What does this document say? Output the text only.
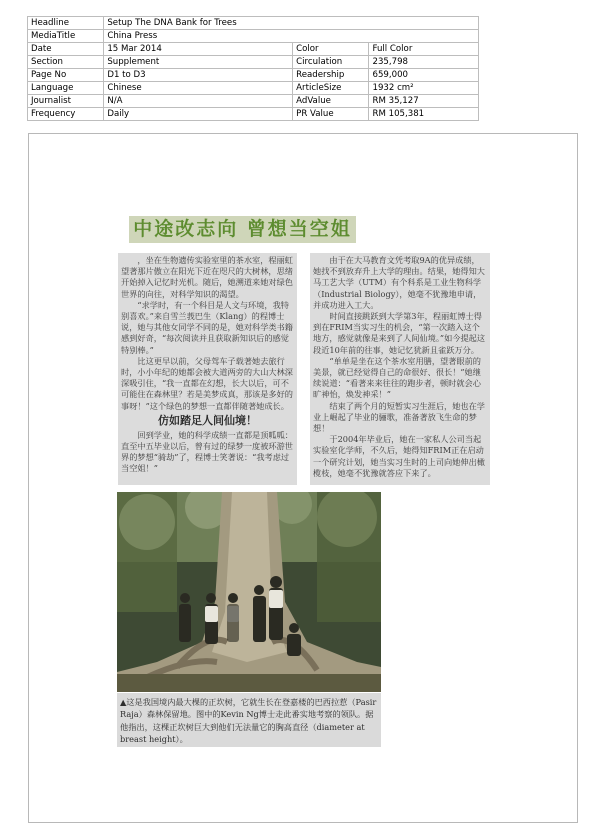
Headline	Setup The DNA Bank for Trees		
MediaTitle	China Press		
Date	15 Mar 2014	Color	Full Color
Section	Supplement	Circulation	235,798
Page No	D1 to D3	Readership	659,000
Language	Chinese	ArticleSize	1932 cm²
Journalist	N/A	AdValue	RM 35,127
Frequency	Daily	PR Value	RM 105,381
中途改志向 曾想当空姐

，坐在生物遗传实验室里的茶水室，程丽虹望著那片傲立在阳光下近在咫尺的大树林，思绪开始掉入记忆时光机。随后，她溯道来她对绿色世界的向往，对科学知识的渴望。

“求学时，有一个科目是人文与环境，我特别喜欢。”来自雪兰莪巴生（Klang）的程博士说，她与其他女同学不同的是，她对科学类书籍感到好奇，“每次阅读并且获取新知识后的感觉特别棒。”

比这更早以前，父母驾车子载著她去旅行时，小小年纪的她都会被大道两旁的大山大林深深吸引住，“我一直都在幻想，长大以后，可不可能住在森林里？若是美梦成真，那该是多好的事呀！”这个绿色的梦想一直都伴随著她成长。

仿如踏足人间仙境！

回到学业，她的科学成绩一直都是顶呱呱：直至中五毕业以后，曾有过的绿梦一度被环游世界的梦想“骑劫”了，程博士笑著说：“我考虑过当空姐！”

由于在大马教育文凭考取9A的优异成绩，她找不到放弃升上大学的理由。结果，她得知大马工艺大学（UTM）有个科系是工业生物科学（Industrial Biology），她毫不犹豫地申请，并成功进入工大。

时间直接跳跃到大学第3年，程丽虹博士得到在FRIM当实习生的机会，“第一次踏入这个地方，感觉就像是来到了人间仙境。”如今提起这段近10年前的往事，她记忆犹新且雀跃万分。

“单单是坐在这个茶水室用膳，望著眼前的美景，就已经觉得自己的命很好、很长！”她继续说道：“看著来来往往的跑步者，顿时就会心旷神怡，焕发神采！”

结束了两个月的短暂实习生涯后，她也在学业上崛起了毕业的骊歌，准备著放飞生命的梦想！

于2004年毕业后，她在一家私人公司当起实验室化学师，不久后，她得知FRIM正在启动一个研究计划，她当实习生时的上司向她伸出橄榄枝，她毫不犹豫就答应下来了。

▲这是我国境内最大棵的正坎树，它就生长在登嘉楼的巴西拉惹（Pasir Raja）森林保留地。图中的Kevin Ng博士走此番实地考察的领队。据他指出，这棵正坎树巨大到他们无法量它的胸高直径（diameter at breast height）。
